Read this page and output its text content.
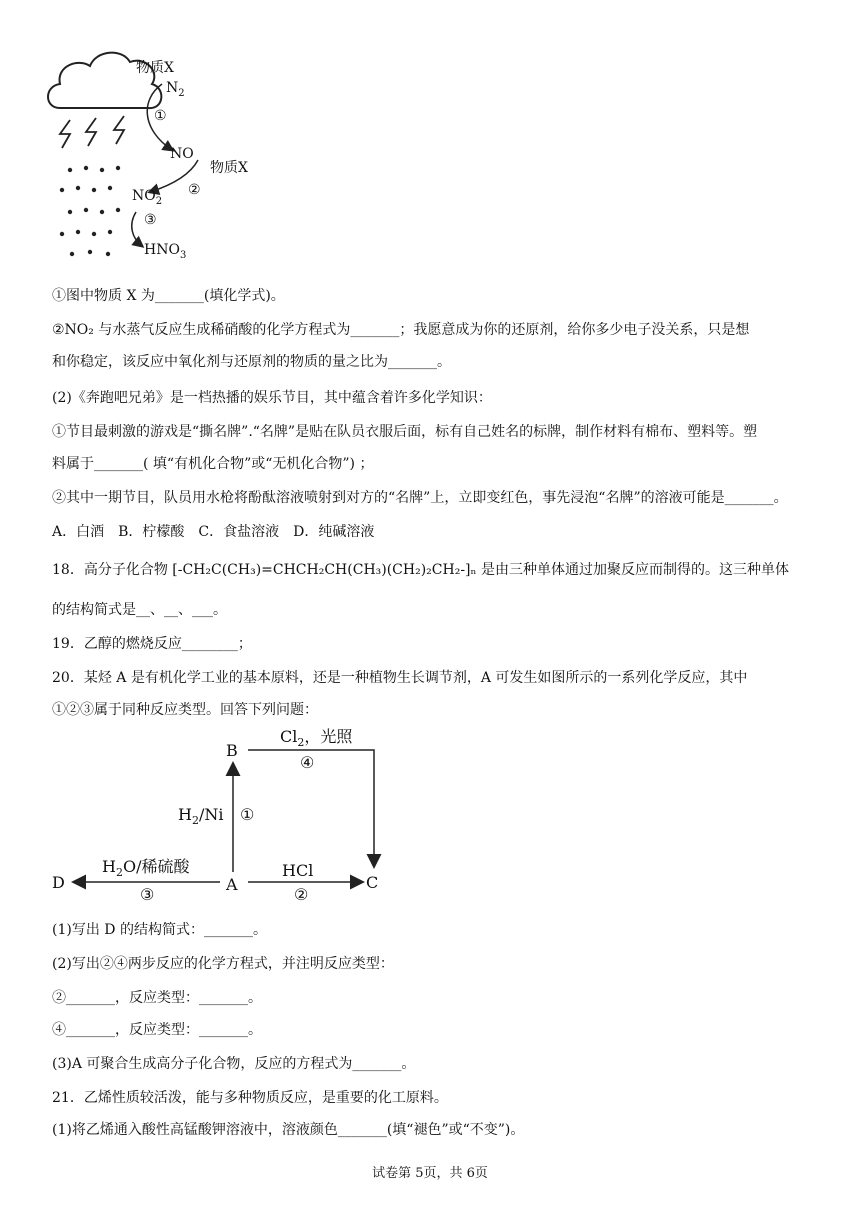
物质X
$N_2$
①
NO
物质X
②
$NO_2$
③
$HNO_3$
①图中物质 X 为_______(填化学式)。
②NO₂ 与水蒸气反应生成稀硝酸的化学方程式为_______；我愿意成为你的还原剂，给你多少电子没关系，只是想
和你稳定，该反应中氧化剂与还原剂的物质的量之比为_______。
(2)《奔跑吧兄弟》是一档热播的娱乐节目，其中蕴含着许多化学知识：
①节目最刺激的游戏是“撕名牌”.“名牌”是贴在队员衣服后面，标有自己姓名的标牌，制作材料有棉布、塑料等。塑
料属于_______( 填“有机化合物”或“无机化合物”) ；
②其中一期节目，队员用水枪将酚酞溶液喷射到对方的“名牌”上，立即变红色，事先浸泡“名牌”的溶液可能是_______。
A．白酒　B．柠檬酸　C．食盐溶液　D．纯碱溶液
18．高分子化合物 [-CH₂C(CH₃)=CHCH₂CH(CH₃)(CH₂)₂CH₂-]ₙ 是由三种单体通过加聚反应而制得的。这三种单体
的结构简式是__、__、___。
19．乙醇的燃烧反应________；
20．某烃 A 是有机化学工业的基本原料，还是一种植物生长调节剂，A 可发生如图所示的一系列化学反应，其中
①②③属于同种反应类型。回答下列问题：
B
$Cl_2$，光照
④
$H_2/Ni$ ①
D
$H_2O/$稀硫酸
③
A
HCl
②
C
(1)写出 D 的结构简式：_______。
(2)写出②④两步反应的化学方程式，并注明反应类型：
②_______，反应类型：_______。
④_______，反应类型：_______。
(3)A 可聚合生成高分子化合物，反应的方程式为_______。
21．乙烯性质较活泼，能与多种物质反应，是重要的化工原料。
(1)将乙烯通入酸性高锰酸钾溶液中，溶液颜色_______(填“褪色”或“不变”)。
试卷第 5页，共 6页
